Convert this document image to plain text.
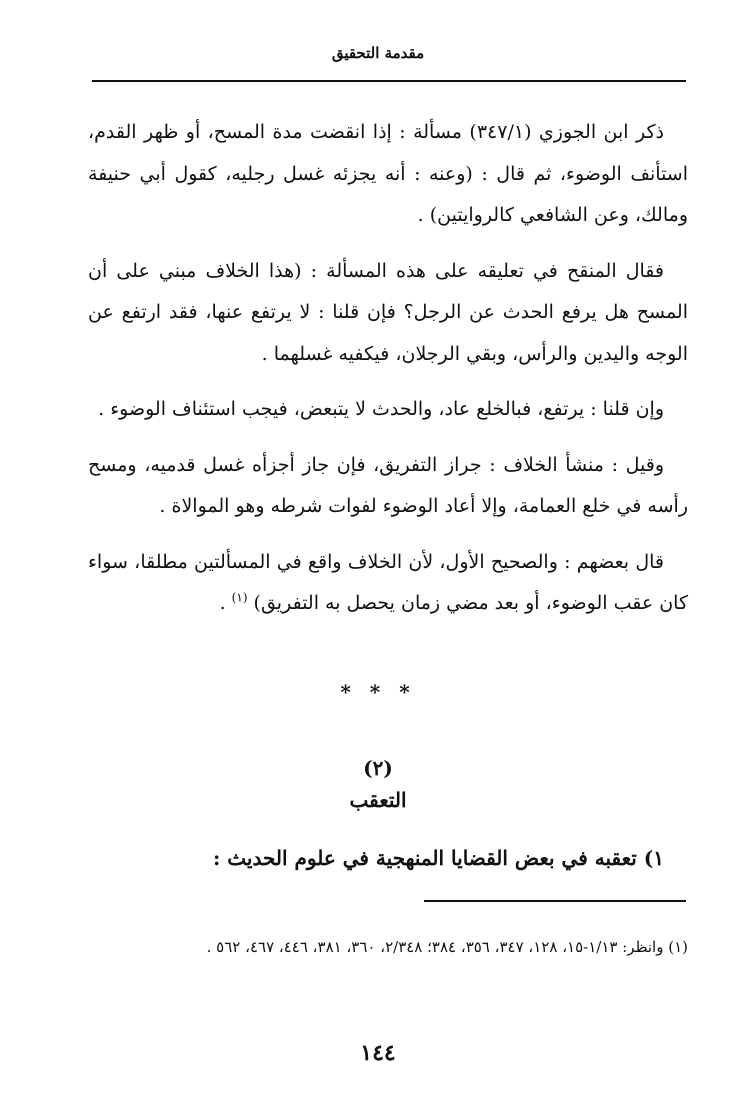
مقدمة التحقيق

ذكر ابن الجوزي (٣٤٧/١) مسألة : إذا انقضت مدة المسح، أو ظهر القدم، استأنف الوضوء، ثم قال : (وعنه : أنه يجزئه غسل رجليه، كقول أبي حنيفة ومالك، وعن الشافعي كالروايتين) .

فقال المنقح في تعليقه على هذه المسألة : (هذا الخلاف مبني على أن المسح هل يرفع الحدث عن الرجل؟ فإن قلنا : لا يرتفع عنها، فقد ارتفع عن الوجه واليدين والرأس، وبقي الرجلان، فيكفيه غسلهما .

وإن قلنا : يرتفع، فبالخلع عاد، والحدث لا يتبعض، فيجب استئناف الوضوء .

وقيل : منشأ الخلاف : جراز التفريق، فإن جاز أجزأه غسل قدميه، ومسح رأسه في خلع العمامة، وإلا أعاد الوضوء لفوات شرطه وهو الموالاة .

قال بعضهم : والصحيح الأول، لأن الخلاف واقع في المسألتين مطلقا، سواء كان عقب الوضوء، أو بعد مضي زمان يحصل به التفريق) $^{(١)}$ .

* * *
(٢)
التعقب
١) تعقبه في بعض القضايا المنهجية في علوم الحديث :
(١) وانظر: ١/١٣-١٥، ١٢٨، ٣٤٧، ٣٥٦، ٣٨٤؛ ٢/٣٤٨، ٣٦٠، ٣٨١، ٤٤٦، ٤٦٧، ٥٦٢ .
١٤٤
